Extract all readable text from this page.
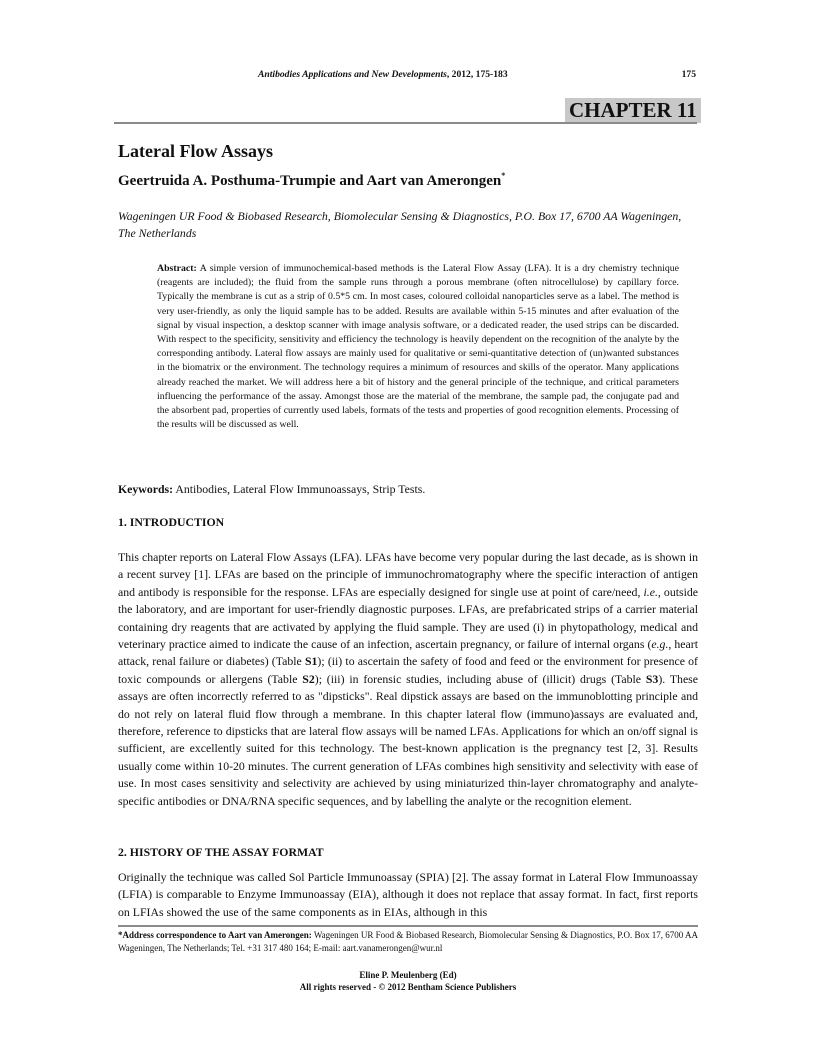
Antibodies Applications and New Developments, 2012, 175-183	175
CHAPTER 11
Lateral Flow Assays
Geertruida A. Posthuma-Trumpie and Aart van Amerongen*
Wageningen UR Food & Biobased Research, Biomolecular Sensing & Diagnostics, P.O. Box 17, 6700 AA Wageningen, The Netherlands
Abstract: A simple version of immunochemical-based methods is the Lateral Flow Assay (LFA). It is a dry chemistry technique (reagents are included); the fluid from the sample runs through a porous membrane (often nitrocellulose) by capillary force. Typically the membrane is cut as a strip of 0.5*5 cm. In most cases, coloured colloidal nanoparticles serve as a label. The method is very user-friendly, as only the liquid sample has to be added. Results are available within 5-15 minutes and after evaluation of the signal by visual inspection, a desktop scanner with image analysis software, or a dedicated reader, the used strips can be discarded. With respect to the specificity, sensitivity and efficiency the technology is heavily dependent on the recognition of the analyte by the corresponding antibody. Lateral flow assays are mainly used for qualitative or semi-quantitative detection of (un)wanted substances in the biomatrix or the environment. The technology requires a minimum of resources and skills of the operator. Many applications already reached the market. We will address here a bit of history and the general principle of the technique, and critical parameters influencing the performance of the assay. Amongst those are the material of the membrane, the sample pad, the conjugate pad and the absorbent pad, properties of currently used labels, formats of the tests and properties of good recognition elements. Processing of the results will be discussed as well.
Keywords: Antibodies, Lateral Flow Immunoassays, Strip Tests.
1. INTRODUCTION
This chapter reports on Lateral Flow Assays (LFA). LFAs have become very popular during the last decade, as is shown in a recent survey [1]. LFAs are based on the principle of immunochromatography where the specific interaction of antigen and antibody is responsible for the response. LFAs are especially designed for single use at point of care/need, i.e., outside the laboratory, and are important for user-friendly diagnostic purposes. LFAs, are prefabricated strips of a carrier material containing dry reagents that are activated by applying the fluid sample. They are used (i) in phytopathology, medical and veterinary practice aimed to indicate the cause of an infection, ascertain pregnancy, or failure of internal organs (e.g., heart attack, renal failure or diabetes) (Table S1); (ii) to ascertain the safety of food and feed or the environment for presence of toxic compounds or allergens (Table S2); (iii) in forensic studies, including abuse of (illicit) drugs (Table S3). These assays are often incorrectly referred to as "dipsticks". Real dipstick assays are based on the immunoblotting principle and do not rely on lateral fluid flow through a membrane. In this chapter lateral flow (immuno)assays are evaluated and, therefore, reference to dipsticks that are lateral flow assays will be named LFAs. Applications for which an on/off signal is sufficient, are excellently suited for this technology. The best-known application is the pregnancy test [2, 3]. Results usually come within 10-20 minutes. The current generation of LFAs combines high sensitivity and selectivity with ease of use. In most cases sensitivity and selectivity are achieved by using miniaturized thin-layer chromatography and analyte-specific antibodies or DNA/RNA specific sequences, and by labelling the analyte or the recognition element.
2. HISTORY OF THE ASSAY FORMAT
Originally the technique was called Sol Particle Immunoassay (SPIA) [2]. The assay format in Lateral Flow Immunoassay (LFIA) is comparable to Enzyme Immunoassay (EIA), although it does not replace that assay format. In fact, first reports on LFIAs showed the use of the same components as in EIAs, although in this
*Address correspondence to Aart van Amerongen: Wageningen UR Food & Biobased Research, Biomolecular Sensing & Diagnostics, P.O. Box 17, 6700 AA Wageningen, The Netherlands; Tel. +31 317 480 164; E-mail: aart.vanamerongen@wur.nl
Eline P. Meulenberg (Ed)
All rights reserved - © 2012 Bentham Science Publishers
